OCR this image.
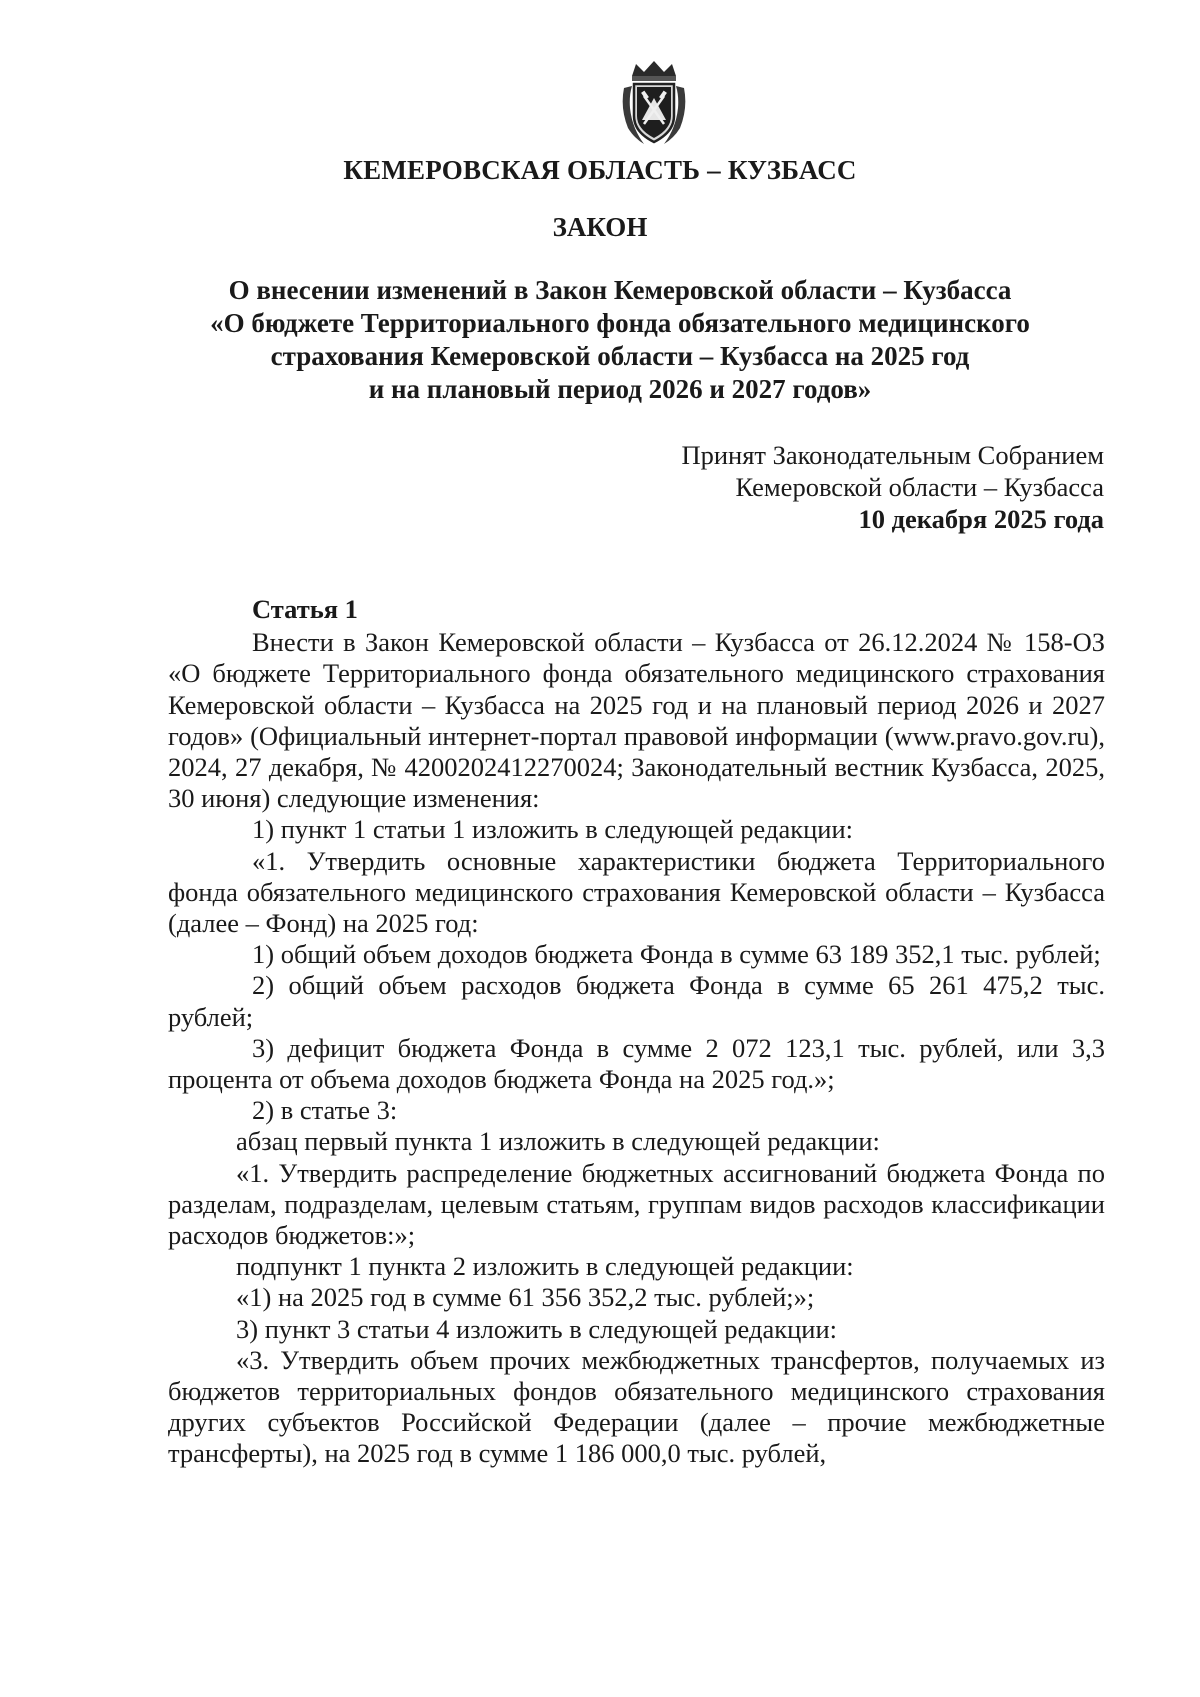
КЕМЕРОВСКАЯ ОБЛАСТЬ – КУЗБАСС
ЗАКОН
О внесении изменений в Закон Кемеровской области – Кузбасса
«О бюджете Территориального фонда обязательного медицинского
страхования Кемеровской области – Кузбасса на 2025 год
и на плановый период 2026 и 2027 годов»
Принят Законодательным Собранием
Кемеровской области – Кузбасса
10 декабря 2025 года
Статья 1

Внести в Закон Кемеровской области – Кузбасса от 26.12.2024 № 158-ОЗ «О бюджете Территориального фонда обязательного медицинского страхования Кемеровской области – Кузбасса на 2025 год и на плановый период 2026 и 2027 годов» (Официальный интернет-портал правовой информации (www.pravo.gov.ru), 2024, 27 декабря, № 4200202412270024; Законодательный вестник Кузбасса, 2025, 30 июня) следующие изменения:

1) пункт 1 статьи 1 изложить в следующей редакции:

«1. Утвердить основные характеристики бюджета Территориального фонда обязательного медицинского страхования Кемеровской области – Кузбасса (далее – Фонд) на 2025 год:

1) общий объем доходов бюджета Фонда в сумме 63 189 352,1 тыс. рублей;

2) общий объем расходов бюджета Фонда в сумме 65 261 475,2 тыс. рублей;

3) дефицит бюджета Фонда в сумме 2 072 123,1 тыс. рублей, или 3,3 процента от объема доходов бюджета Фонда на 2025 год.»;

2) в статье 3:

абзац первый пункта 1 изложить в следующей редакции:

«1. Утвердить распределение бюджетных ассигнований бюджета Фонда по разделам, подразделам, целевым статьям, группам видов расходов классификации расходов бюджетов:»;

подпункт 1 пункта 2 изложить в следующей редакции:

«1) на 2025 год в сумме 61 356 352,2 тыс. рублей;»;

3) пункт 3 статьи 4 изложить в следующей редакции:

«3. Утвердить объем прочих межбюджетных трансфертов, получаемых из бюджетов территориальных фондов обязательного медицинского страхования других субъектов Российской Федерации (далее – прочие межбюджетные трансферты), на 2025 год в сумме 1 186 000,0 тыс. рублей,
